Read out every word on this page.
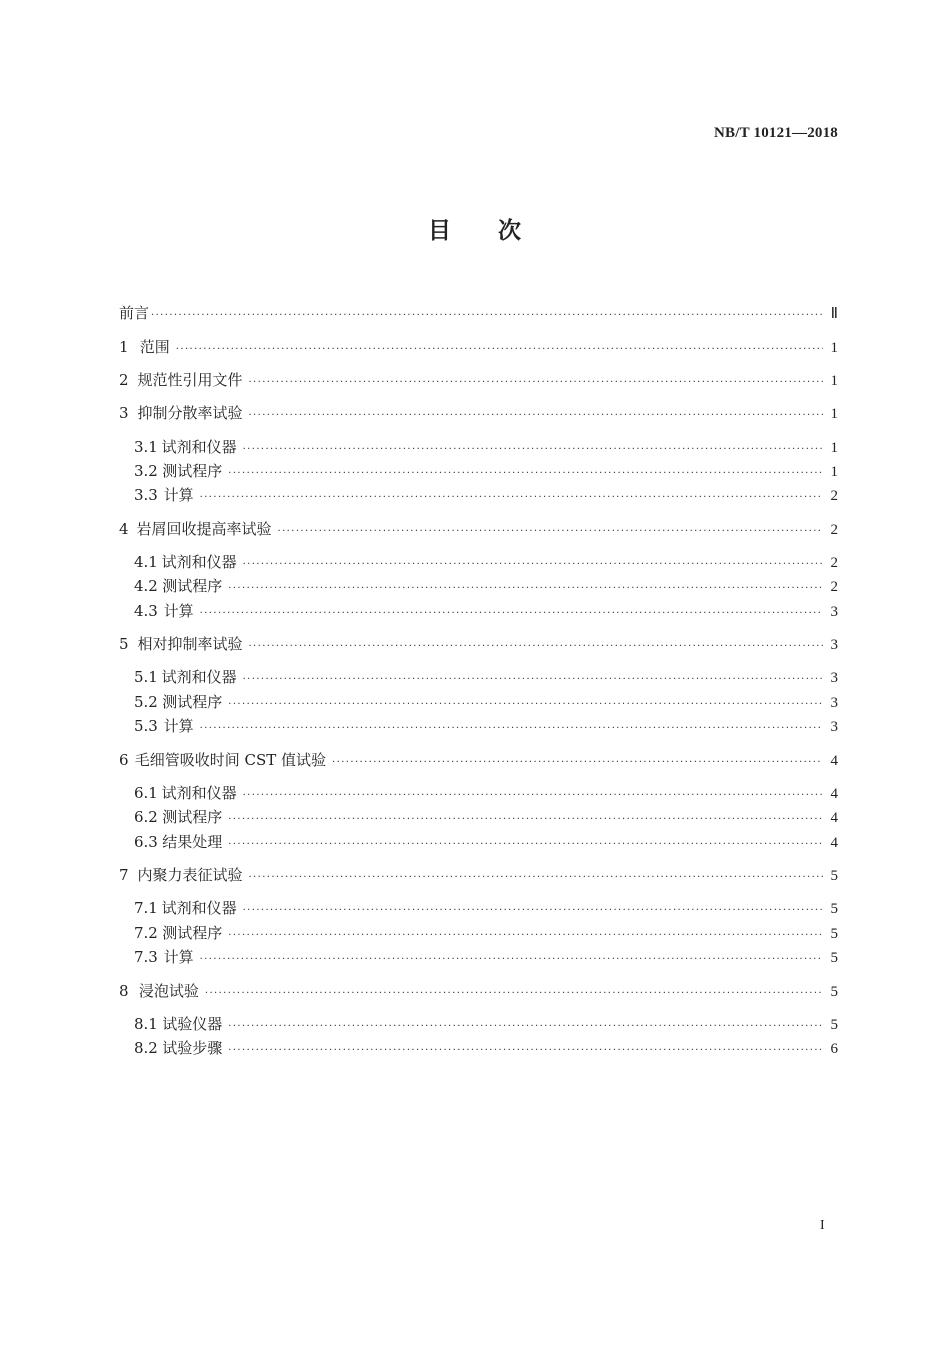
NB/T 10121—2018
目 次
前言 ·····	Ⅱ
1 范围 ·····	1
2 规范性引用文件 ·····	1
3 抑制分散率试验 ·····	1
3.1 试剂和仪器 ·····	1
3.2 测试程序 ·····	1
3.3 计算 ·····	2
4 岩屑回收提高率试验 ·····	2
4.1 试剂和仪器 ·····	2
4.2 测试程序 ·····	2
4.3 计算 ·····	3
5 相对抑制率试验 ·····	3
5.1 试剂和仪器 ·····	3
5.2 测试程序 ·····	3
5.3 计算 ·····	3
6 毛细管吸收时间 CST 值试验 ·····	4
6.1 试剂和仪器 ·····	4
6.2 测试程序 ·····	4
6.3 结果处理 ·····	4
7 内聚力表征试验 ·····	5
7.1 试剂和仪器 ·····	5
7.2 测试程序 ·····	5
7.3 计算 ·····	5
8 浸泡试验 ·····	5
8.1 试验仪器 ·····	5
8.2 试验步骤 ·····	6
I
